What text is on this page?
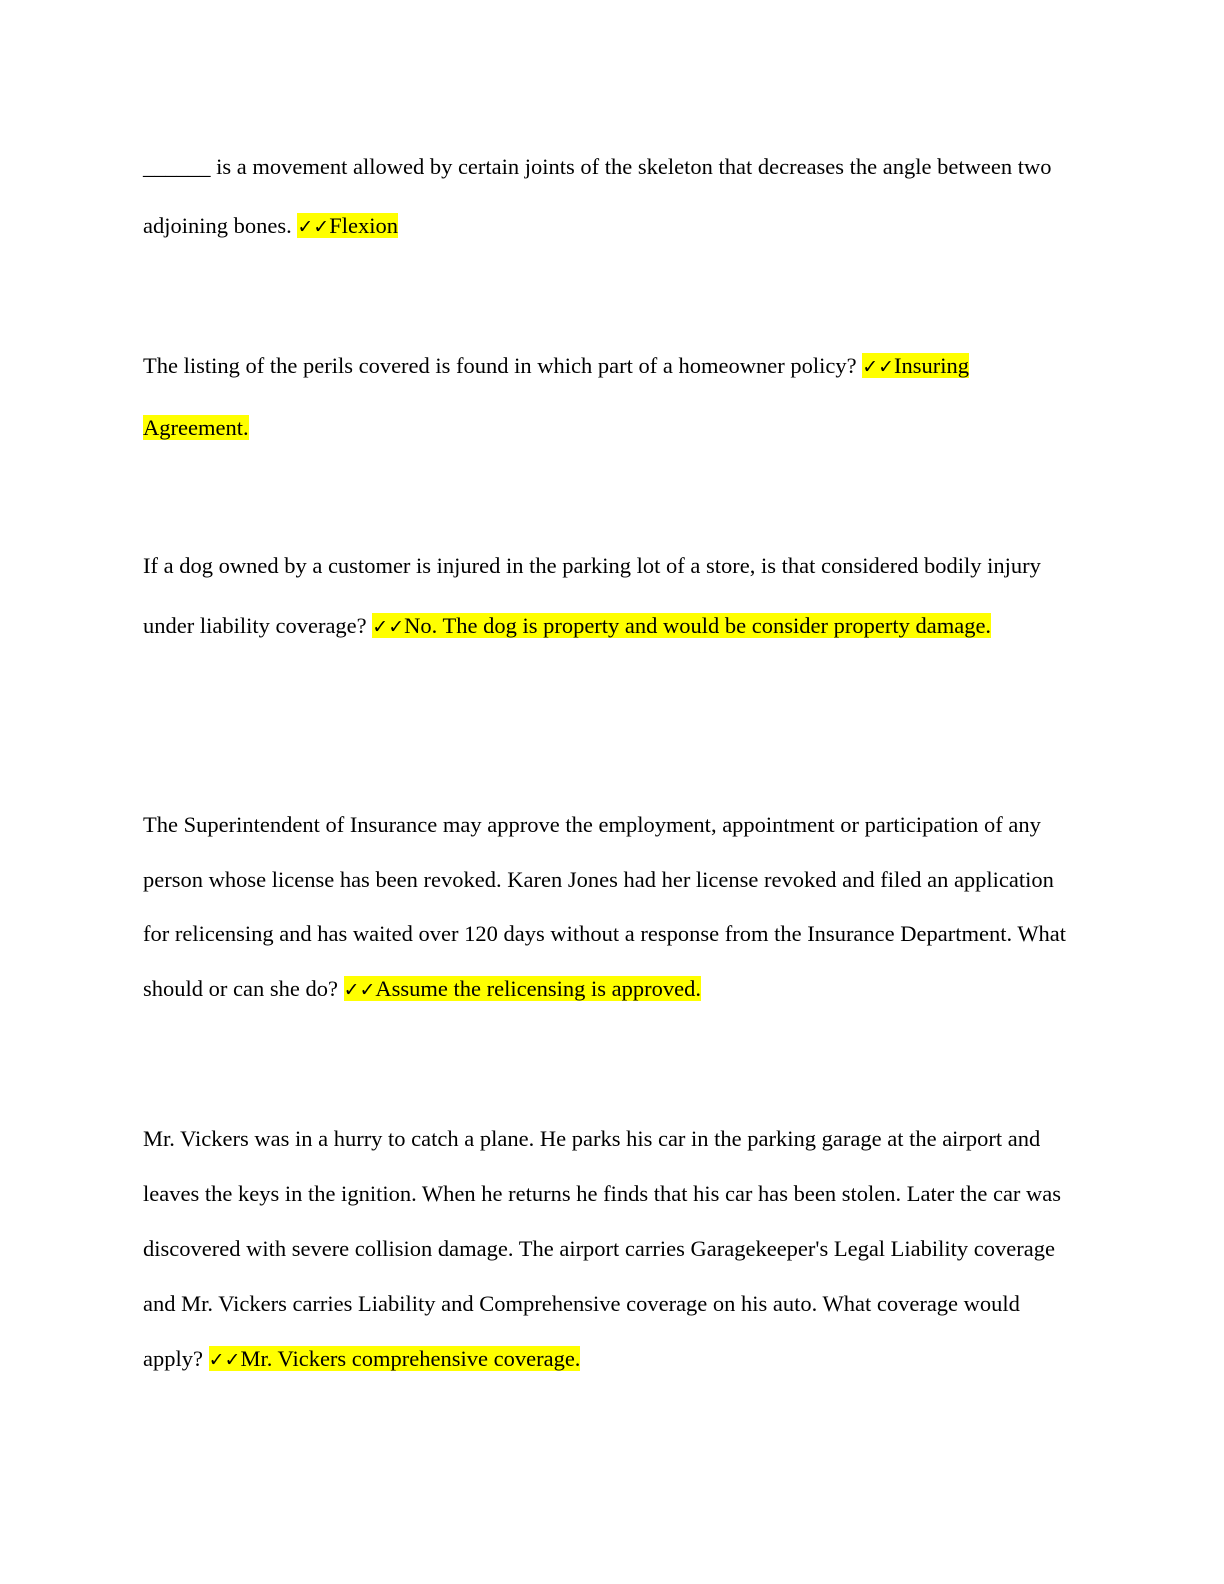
______ is a movement allowed by certain joints of the skeleton that decreases the angle between two adjoining bones. ✓✓Flexion

The listing of the perils covered is found in which part of a homeowner policy? ✓✓Insuring Agreement.

If a dog owned by a customer is injured in the parking lot of a store, is that considered bodily injury under liability coverage? ✓✓No. The dog is property and would be consider property damage.

The Superintendent of Insurance may approve the employment, appointment or participation of any person whose license has been revoked. Karen Jones had her license revoked and filed an application for relicensing and has waited over 120 days without a response from the Insurance Department. What should or can she do? ✓✓Assume the relicensing is approved.

Mr. Vickers was in a hurry to catch a plane. He parks his car in the parking garage at the airport and leaves the keys in the ignition. When he returns he finds that his car has been stolen. Later the car was discovered with severe collision damage. The airport carries Garagekeeper's Legal Liability coverage and Mr. Vickers carries Liability and Comprehensive coverage on his auto. What coverage would apply? ✓✓Mr. Vickers comprehensive coverage.
